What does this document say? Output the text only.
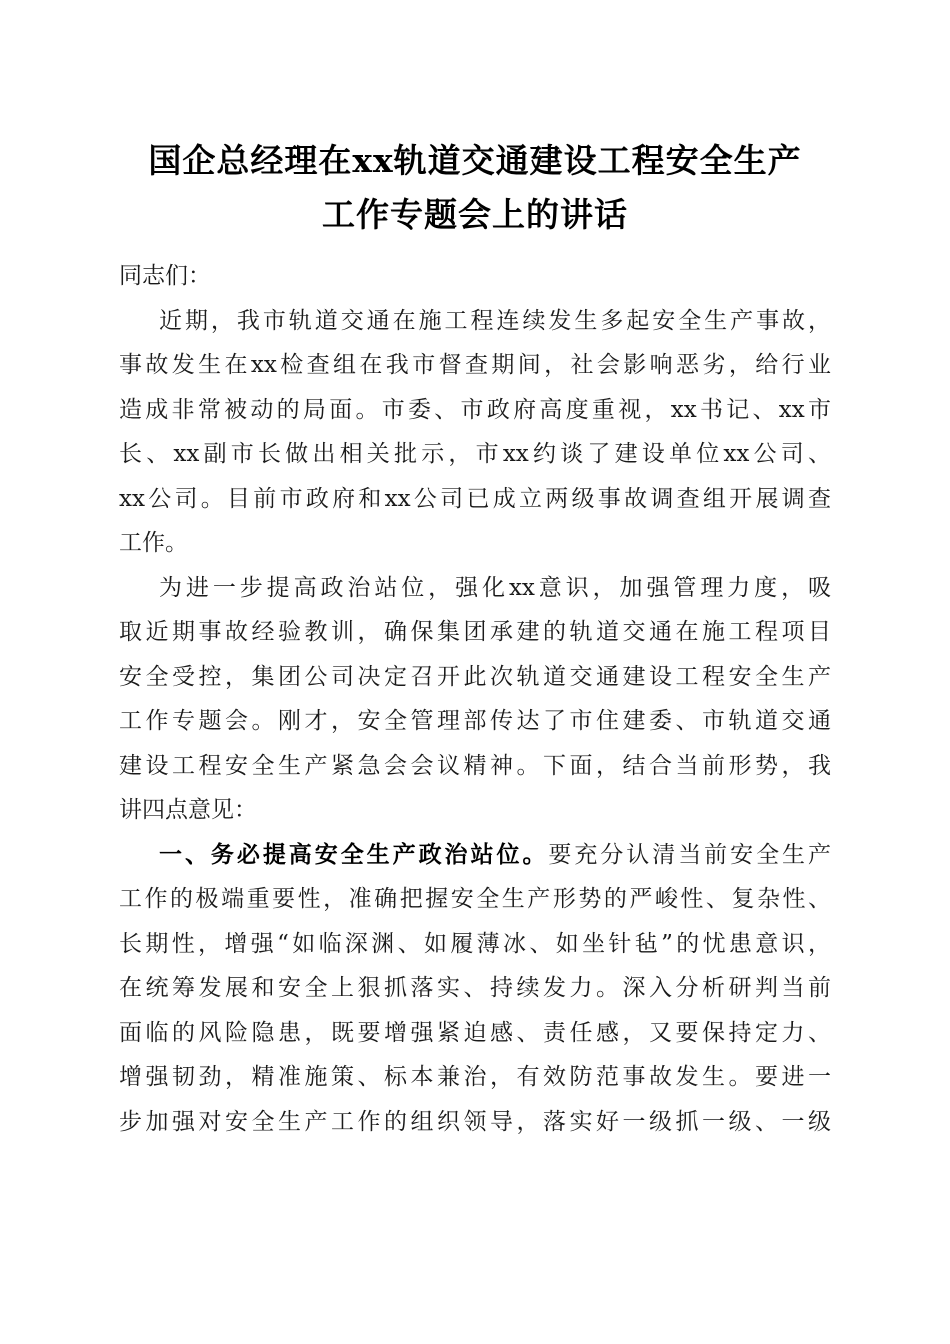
国企总经理在xx轨道交通建设工程安全生产
工作专题会上的讲话
同志们：
近期，我市轨道交通在施工程连续发生多起安全生产事故，
事故发生在xx检查组在我市督查期间，社会影响恶劣，给行业
造成非常被动的局面。市委、市政府高度重视，xx书记、xx市
长、xx副市长做出相关批示，市xx约谈了建设单位xx公司、
xx公司。目前市政府和xx公司已成立两级事故调查组开展调查
工作。
为进一步提高政治站位，强化xx意识，加强管理力度，吸
取近期事故经验教训，确保集团承建的轨道交通在施工程项目
安全受控，集团公司决定召开此次轨道交通建设工程安全生产
工作专题会。刚才，安全管理部传达了市住建委、市轨道交通
建设工程安全生产紧急会会议精神。下面，结合当前形势，我
讲四点意见：
一、务必提高安全生产政治站位。要充分认清当前安全生产
工作的极端重要性，准确把握安全生产形势的严峻性、复杂性、
长期性，增强“如临深渊、如履薄冰、如坐针毡”的忧患意识，
在统筹发展和安全上狠抓落实、持续发力。深入分析研判当前
面临的风险隐患，既要增强紧迫感、责任感，又要保持定力、
增强韧劲，精准施策、标本兼治，有效防范事故发生。要进一
步加强对安全生产工作的组织领导，落实好一级抓一级、一级
